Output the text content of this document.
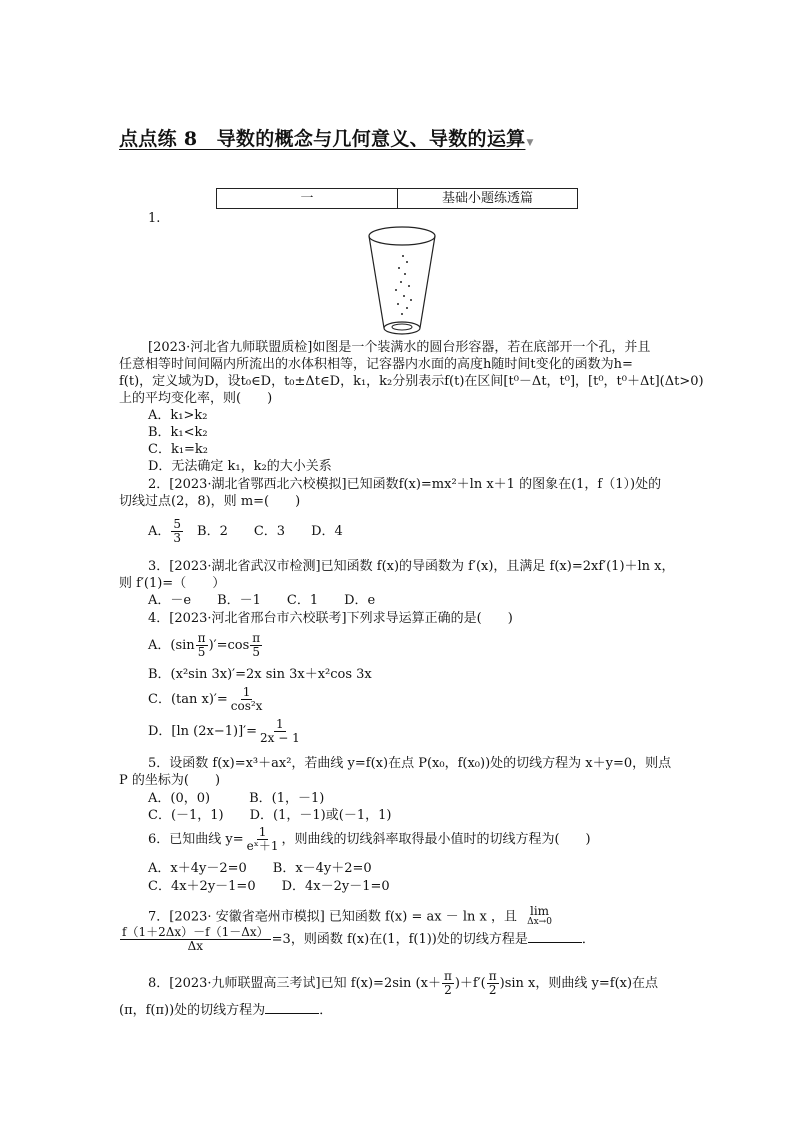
点点练 8　导数的概念与几何意义、导数的运算▼
一	基础小题练透篇
1.
[2023·河北省九师联盟质检]如图是一个装满水的圆台形容器，若在底部开一个孔，并且
任意相等时间间隔内所流出的水体积相等，记容器内水面的高度h随时间t变化的函数为h=
f(t)，定义域为D，设t₀∈D，t₀±Δt∈D，k₁，k₂分别表示f(t)在区间[t⁰－Δt，t⁰]，[t⁰，t⁰＋Δt](Δt>0)
上的平均变化率，则(　　)
A．k₁>k₂
B．k₁<k₂
C．k₁=k₂
D．无法确定 k₁，k₂的大小关系
2．[2023·湖北省鄂西北六校模拟]已知函数f(x)=mx²＋ln x＋1 的图象在(1，f（1）)处的
切线过点(2，8)，则 m=(　　)
A． $\frac{5}{3}$ 　B．2　　C．3　　D．4
3．[2023·湖北省武汉市检测]已知函数 f(x)的导函数为 f′(x)，且满足 f(x)=2xf′(1)＋ln x，
则 f′(1)=（　　）
A．－e　　B．－1　　C．1　　D．e
4．[2023·河北省邢台市六校联考]下列求导运算正确的是(　　)
A．$(\sin \frac{\pi}{5} )'=\cos \frac{\pi}{5}$
B．(x²sin 3x)′=2x sin 3x＋x²cos 3x
C．(tan $x)'= \frac{1}{\text{cos²x}}$
D．[ln $(2x-1)]'= \frac{1}{2x - 1}$
5．设函数 f(x)=x³＋ax²，若曲线 y=f(x)在点 P(x₀，f(x₀))处的切线方程为 x＋y=0，则点
P 的坐标为(　　)
A．(0，0)　　　B．(1，－1)
C．(－1，1)　　D．(1，－1)或(－1，1)
6．已知曲线 $y= \frac{1}{\text{eˣ＋1}}$ ，则曲线的切线斜率取得最小值时的切线方程为(　　)
A．x＋4y－2=0　　B．x－4y＋2=0
C．4x＋2y－1=0　　D．4x－2y－1=0
7．[2023· 安徽省亳州市模拟] 已知函数 f(x) = ax － ln x ，且 lim
Δx→0
$\frac{f(1+2\Delta x)-f(1-\Delta x)}{\Delta x} =3$，则函数 f(x)在(1，f(1))处的切线方程是	．
8．[2023·九师联盟高三考试]已知 f(x)=2sin $(x+ \frac{\pi}{2} )+f'( \frac{\pi}{2} )\sin$ x，则曲线 y=f(x)在点
(π，f(π))处的切线方程为	．
